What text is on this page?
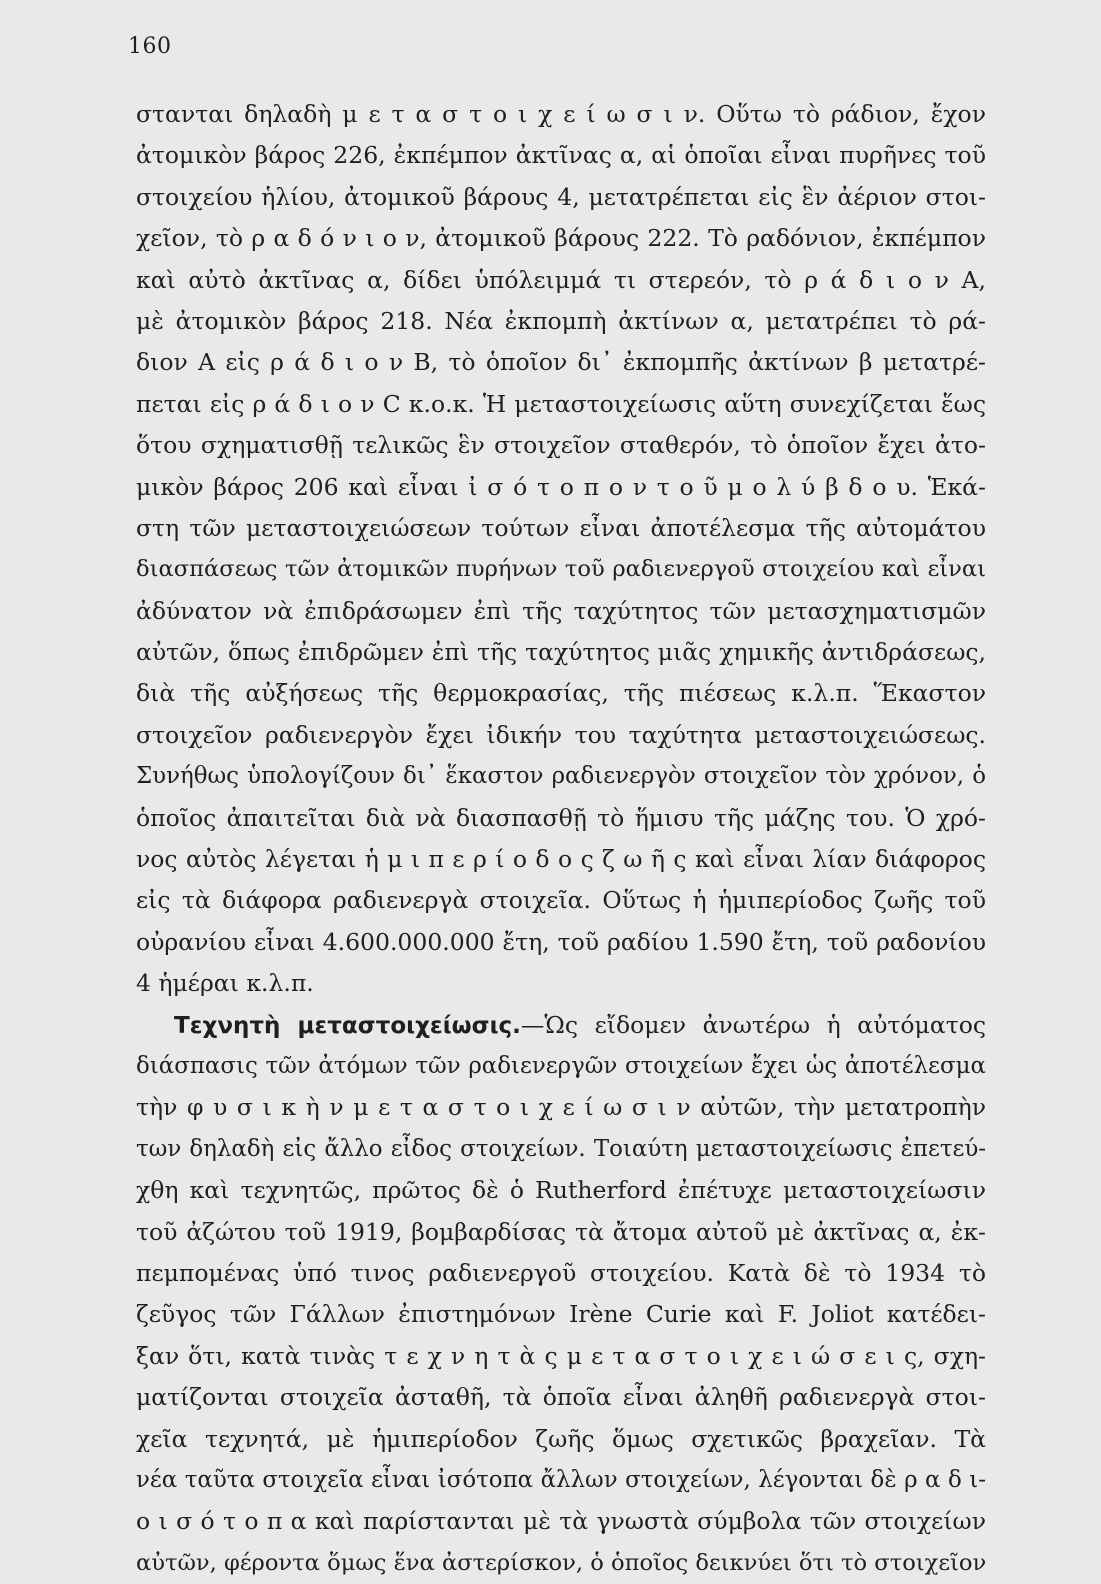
160
στανται δηλαδὴ μ ε τ α σ τ ο ι χ ε ί ω σ ι ν. Οὕτω τὸ ράδιον, ἔχον
ἀτομικὸν βάρος 226, ἐκπέμπον ἀκτῖνας α, αἱ ὁποῖαι εἶναι πυρῆνες τοῦ
στοιχείου ἡλίου, ἀτομικοῦ βάρους 4, μετατρέπεται εἰς ἓν ἀέριον στοι-
χεῖον, τὸ ρ α δ ό ν ι ο ν, ἀτομικοῦ βάρους 222. Τὸ ραδόνιον, ἐκπέμπον
καὶ αὐτὸ ἀκτῖνας α, δίδει ὑπόλειμμά τι στερεόν, τὸ ρ ά δ ι ο ν Α,
μὲ ἀτομικὸν βάρος 218. Νέα ἐκπομπὴ ἀκτίνων α, μετατρέπει τὸ ρά-
διον Α εἰς ρ ά δ ι ο ν Β, τὸ ὁποῖον δι᾽ ἐκπομπῆς ἀκτίνων β μετατρέ-
πεται εἰς ρ ά δ ι ο ν C κ.ο.κ. Ἡ μεταστοιχείωσις αὕτη συνεχίζεται ἕως
ὅτου σχηματισθῇ τελικῶς ἓν στοιχεῖον σταθερόν, τὸ ὁποῖον ἔχει ἀτο-
μικὸν βάρος 206 καὶ εἶναι ἰ σ ό τ ο π ο ν τ ο ῦ μ ο λ ύ β δ ο υ. Ἑκά-
στη τῶν μεταστοιχειώσεων τούτων εἶναι ἀποτέλεσμα τῆς αὐτομάτου
διασπάσεως τῶν ἀτομικῶν πυρήνων τοῦ ραδιενεργοῦ στοιχείου καὶ εἶναι
ἀδύνατον νὰ ἐπιδράσωμεν ἐπὶ τῆς ταχύτητος τῶν μετασχηματισμῶν
αὐτῶν, ὅπως ἐπιδρῶμεν ἐπὶ τῆς ταχύτητος μιᾶς χημικῆς ἀντιδράσεως,
διὰ τῆς αὐξήσεως τῆς θερμοκρασίας, τῆς πιέσεως κ.λ.π. Ἕκαστον
στοιχεῖον ραδιενεργὸν ἔχει ἰδικήν του ταχύτητα μεταστοιχειώσεως.
Συνήθως ὑπολογίζουν δι᾽ ἕκαστον ραδιενεργὸν στοιχεῖον τὸν χρόνον, ὁ
ὁποῖος ἀπαιτεῖται διὰ νὰ διασπασθῇ τὸ ἥμισυ τῆς μάζης του. Ὁ χρό-
νος αὐτὸς λέγεται ἡ μ ι π ε ρ ί ο δ ο ς ζ ω ῆ ς καὶ εἶναι λίαν διάφορος
εἰς τὰ διάφορα ραδιενεργὰ στοιχεῖα. Οὕτως ἡ ἡμιπερίοδος ζωῆς τοῦ
οὐρανίου εἶναι 4.600.000.000 ἔτη, τοῦ ραδίου 1.590 ἔτη, τοῦ ραδονίου
4 ἡμέραι κ.λ.π.
Τεχνητὴ μεταστοιχείωσις.—Ὡς εἴδομεν ἀνωτέρω ἡ αὐτόματος
διάσπασις τῶν ἀτόμων τῶν ραδιενεργῶν στοιχείων ἔχει ὡς ἀποτέλεσμα
τὴν φ υ σ ι κ ὴ ν μ ε τ α σ τ ο ι χ ε ί ω σ ι ν αὐτῶν, τὴν μετατροπὴν
των δηλαδὴ εἰς ἄλλο εἶδος στοιχείων. Τοιαύτη μεταστοιχείωσις ἐπετεύ-
χθη καὶ τεχνητῶς, πρῶτος δὲ ὁ Rutherford ἐπέτυχε μεταστοιχείωσιν
τοῦ ἀζώτου τοῦ 1919, βομβαρδίσας τὰ ἄτομα αὐτοῦ μὲ ἀκτῖνας α, ἐκ-
πεμπομένας ὑπό τινος ραδιενεργοῦ στοιχείου. Κατὰ δὲ τὸ 1934 τὸ
ζεῦγος τῶν Γάλλων ἐπιστημόνων Irène Curie καὶ F. Joliot κατέδει-
ξαν ὅτι, κατὰ τινὰς τ ε χ ν η τ ὰ ς μ ε τ α σ τ ο ι χ ε ι ώ σ ε ι ς, σχη-
ματίζονται στοιχεῖα ἀσταθῆ, τὰ ὁποῖα εἶναι ἀληθῆ ραδιενεργὰ στοι-
χεῖα τεχνητά, μὲ ἡμιπερίοδον ζωῆς ὅμως σχετικῶς βραχεῖαν. Τὰ
νέα ταῦτα στοιχεῖα εἶναι ἰσότοπα ἄλλων στοιχείων, λέγονται δὲ ρ α δ ι-
ο ι σ ό τ ο π α καὶ παρίστανται μὲ τὰ γνωστὰ σύμβολα τῶν στοιχείων
αὐτῶν, φέροντα ὅμως ἕνα ἀστερίσκον, ὁ ὁποῖος δεικνύει ὅτι τὸ στοιχεῖον
